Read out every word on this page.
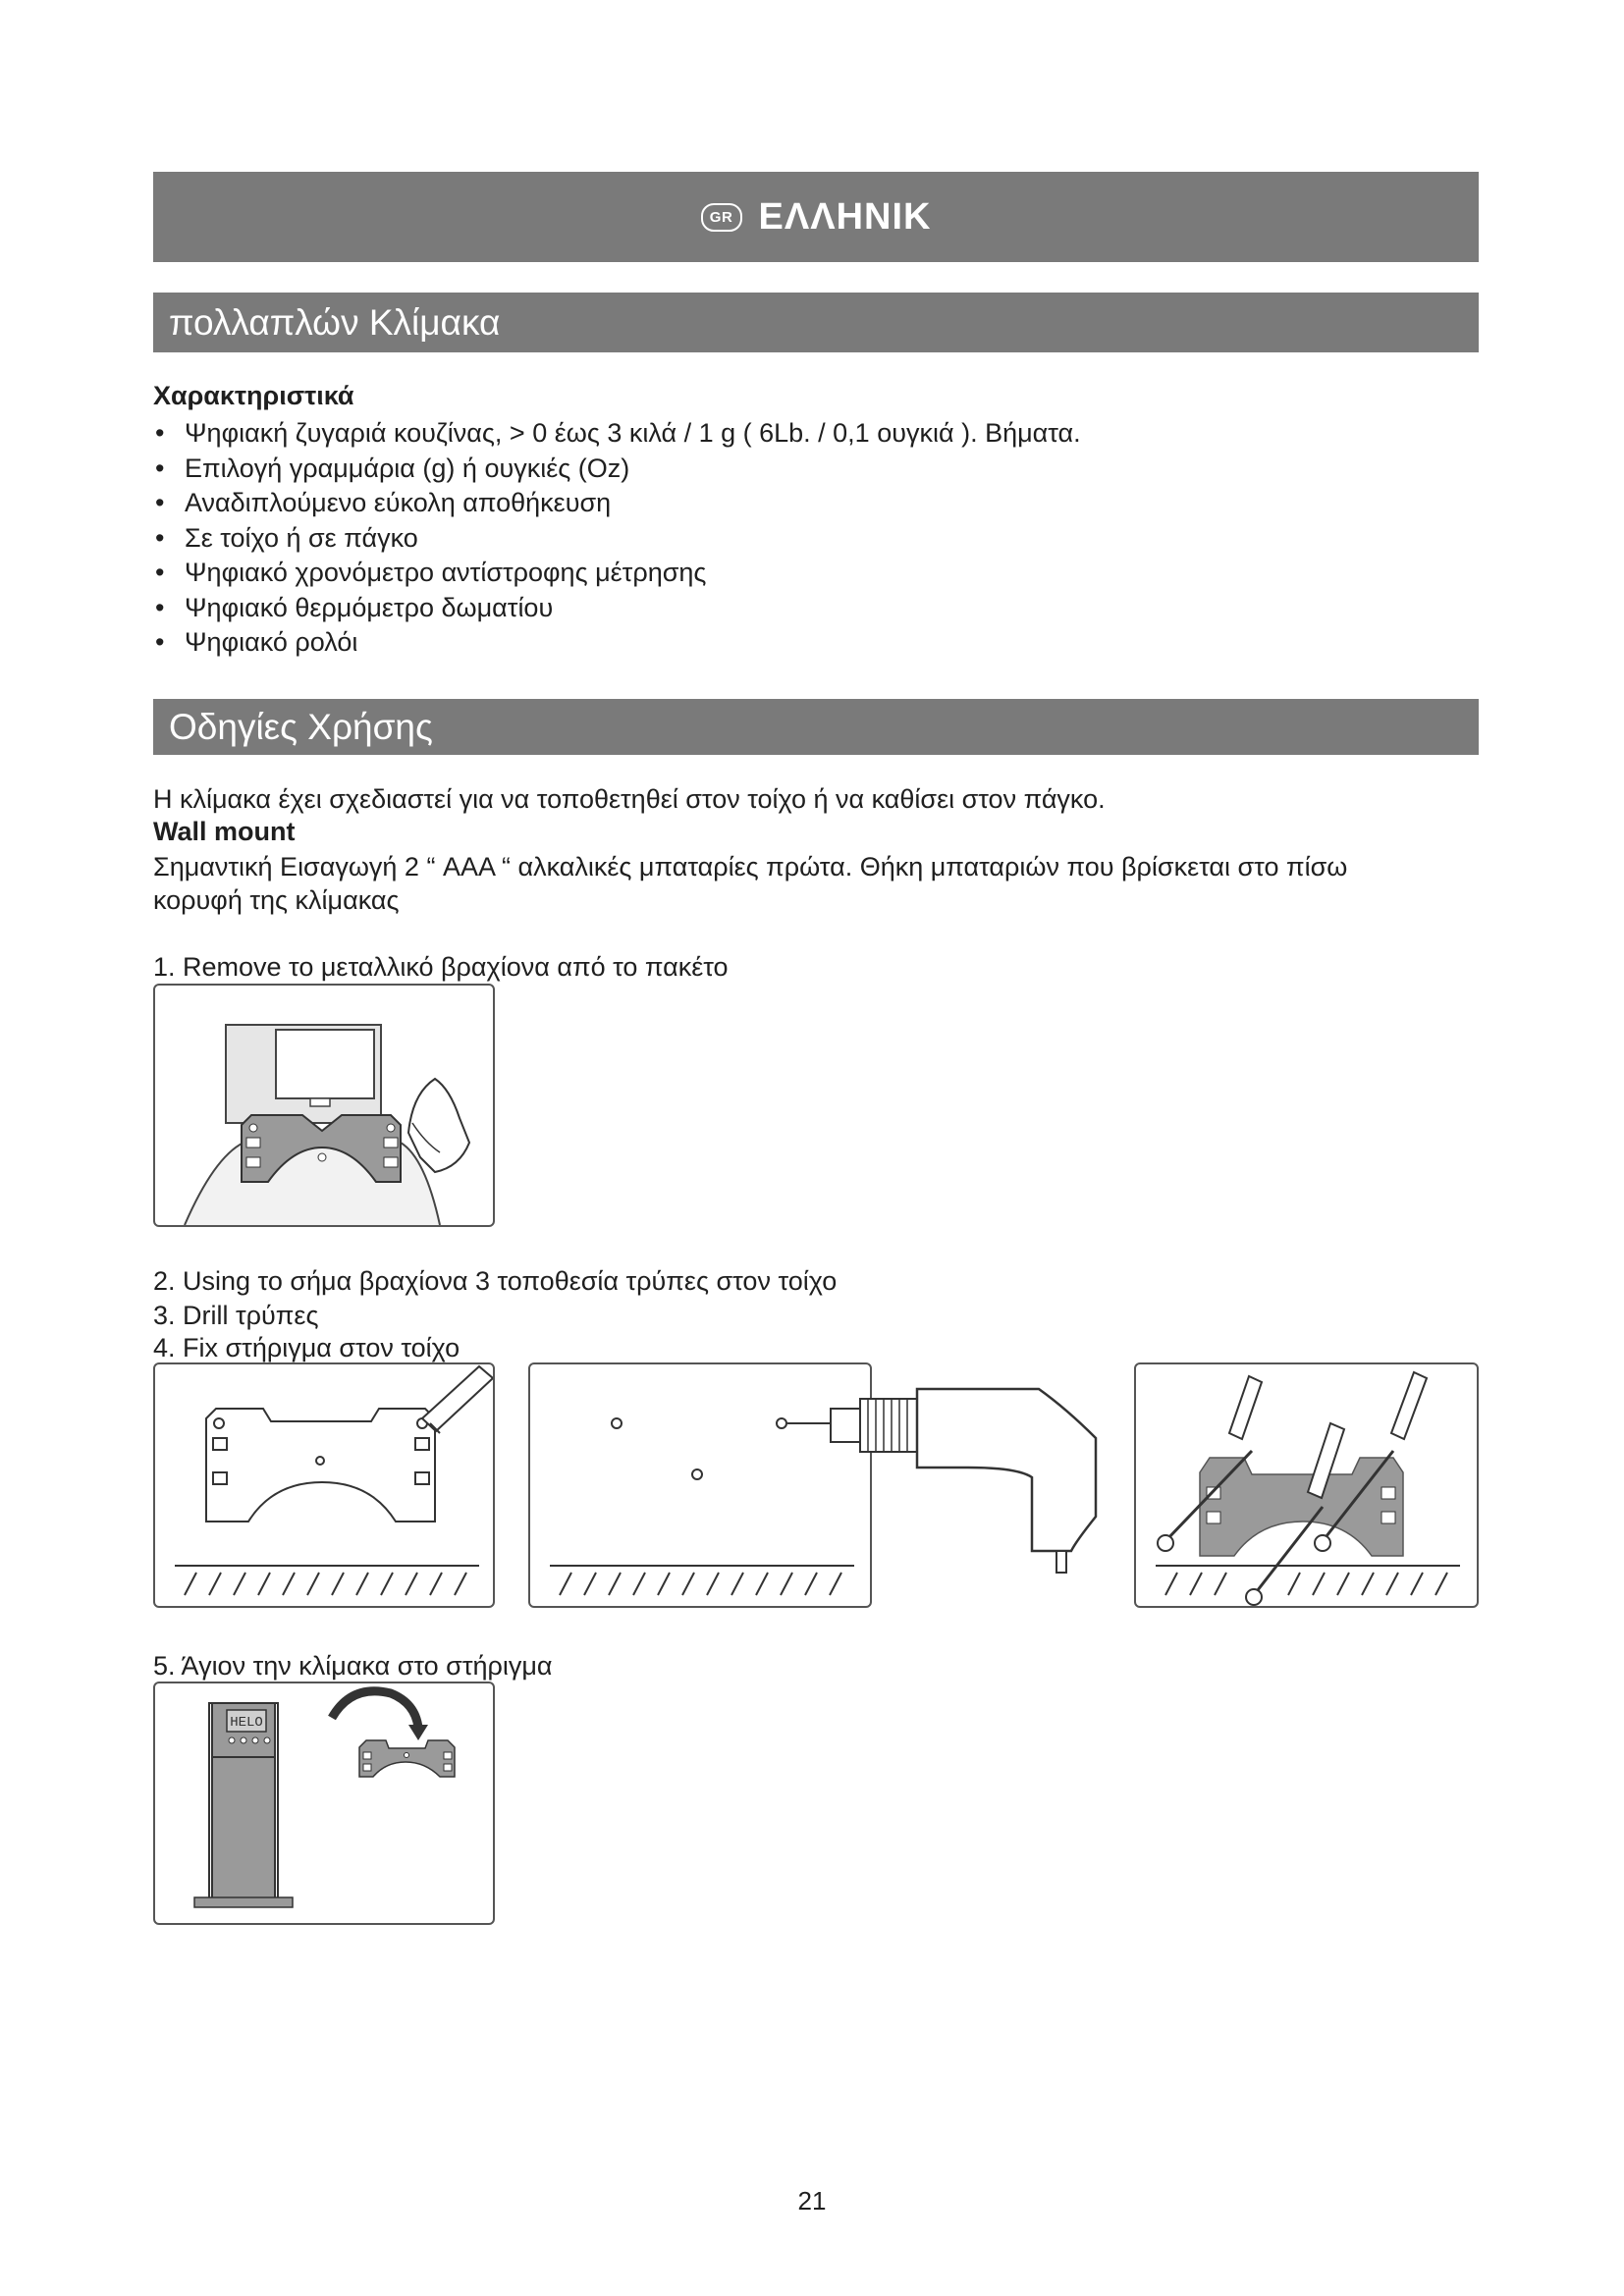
GR ΕΛΛΗΝΙΚ
πολλαπλών Κλίμακα
Χαρακτηριστικά
• Ψηφιακή ζυγαριά κουζίνας, > 0 έως 3 κιλά / 1 g ( 6Lb. / 0,1 ουγκιά ). Βήματα.
• Επιλογή γραμμάρια (g) ή ουγκιές (Oz)
• Αναδιπλούμενο εύκολη αποθήκευση
• Σε τοίχο ή σε πάγκο
• Ψηφιακό χρονόμετρο αντίστροφης μέτρησης
• Ψηφιακό θερμόμετρο δωματίου
• Ψηφιακό ρολόι
Οδηγίες Χρήσης
Η κλίμακα έχει σχεδιαστεί για να τοποθετηθεί στον τοίχο ή να καθίσει στον πάγκο.
Wall mount
Σημαντική Εισαγωγή 2 “ AAA “ αλκαλικές μπαταρίες πρώτα. Θήκη μπαταριών που βρίσκεται στο πίσω
κορυφή της κλίμακας
1. Remove το μεταλλικό βραχίονα από το πακέτο
2. Using το σήμα βραχίονα 3 τοποθεσία τρύπες στον τοίχο
3. Drill τρύπες
4. Fix στήριγμα στον τοίχο
5. Άγιον την κλίμακα στο στήριγμα
HELO
21
